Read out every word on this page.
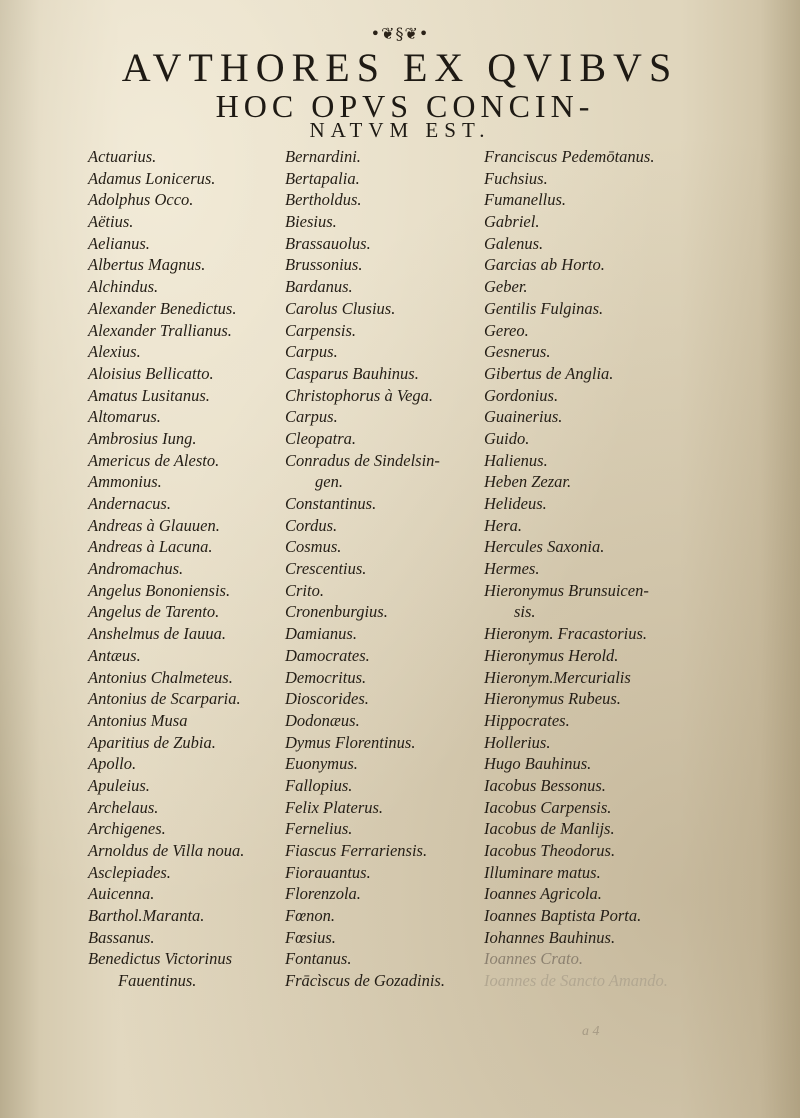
•❦§❦•
AVTHORES EX QVIBVS
HOC OPVS CONCIN-
NATVM EST.
Actuarius.
Adamus Lonicerus.
Adolphus Occo.
Aëtius.
Aelianus.
Albertus Magnus.
Alchindus.
Alexander Benedictus.
Alexander Trallianus.
Alexius.
Aloisius Bellicatto.
Amatus Lusitanus.
Altomarus.
Ambrosius Iung.
Americus de Alesto.
Ammonius.
Andernacus.
Andreas à Glauuen.
Andreas à Lacuna.
Andromachus.
Angelus Bononiensis.
Angelus de Tarento.
Anshelmus de Iauua.
Antæus.
Antonius Chalmeteus.
Antonius de Scarparia.
Antonius Musa
Aparitius de Zubia.
Apollo.
Apuleius.
Archelaus.
Archigenes.
Arnoldus de Villa noua.
Asclepiades.
Auicenna.
Barthol.Maranta.
Bassanus.
Benedictus Victorinus
Fauentinus.
Bernardini.
Bertapalia.
Bertholdus.
Biesius.
Brassauolus.
Brussonius.
Bardanus.
Carolus Clusius.
Carpensis.
Carpus.
Casparus Bauhinus.
Christophorus à Vega.
Carpus.
Cleopatra.
Conradus de Sindelsin-
gen.
Constantinus.
Cordus.
Cosmus.
Crescentius.
Crito.
Cronenburgius.
Damianus.
Damocrates.
Democritus.
Dioscorides.
Dodonæus.
Dymus Florentinus.
Euonymus.
Fallopius.
Felix Platerus.
Fernelius.
Fiascus Ferrariensis.
Fiorauantus.
Florenzola.
Fœnon.
Fœsius.
Fontanus.
Frācìscus de Gozadinis.
Franciscus Pedemōtanus.
Fuchsius.
Fumanellus.
Gabriel.
Galenus.
Garcias ab Horto.
Geber.
Gentilis Fulginas.
Gereo.
Gesnerus.
Gibertus de Anglia.
Gordonius.
Guainerius.
Guido.
Halienus.
Heben Zezar.
Helideus.
Hera.
Hercules Saxonia.
Hermes.
Hieronymus Brunsuicen-
sis.
Hieronym. Fracastorius.
Hieronymus Herold.
Hieronym.Mercurialis
Hieronymus Rubeus.
Hippocrates.
Hollerius.
Hugo Bauhinus.
Iacobus Bessonus.
Iacobus Carpensis.
Iacobus de Manlijs.
Iacobus Theodorus.
Illuminare matus.
Ioannes Agricola.
Ioannes Baptista Porta.
Iohannes Bauhinus.
Ioannes Crato.
Ioannes de Sancto Amando.
a 4
